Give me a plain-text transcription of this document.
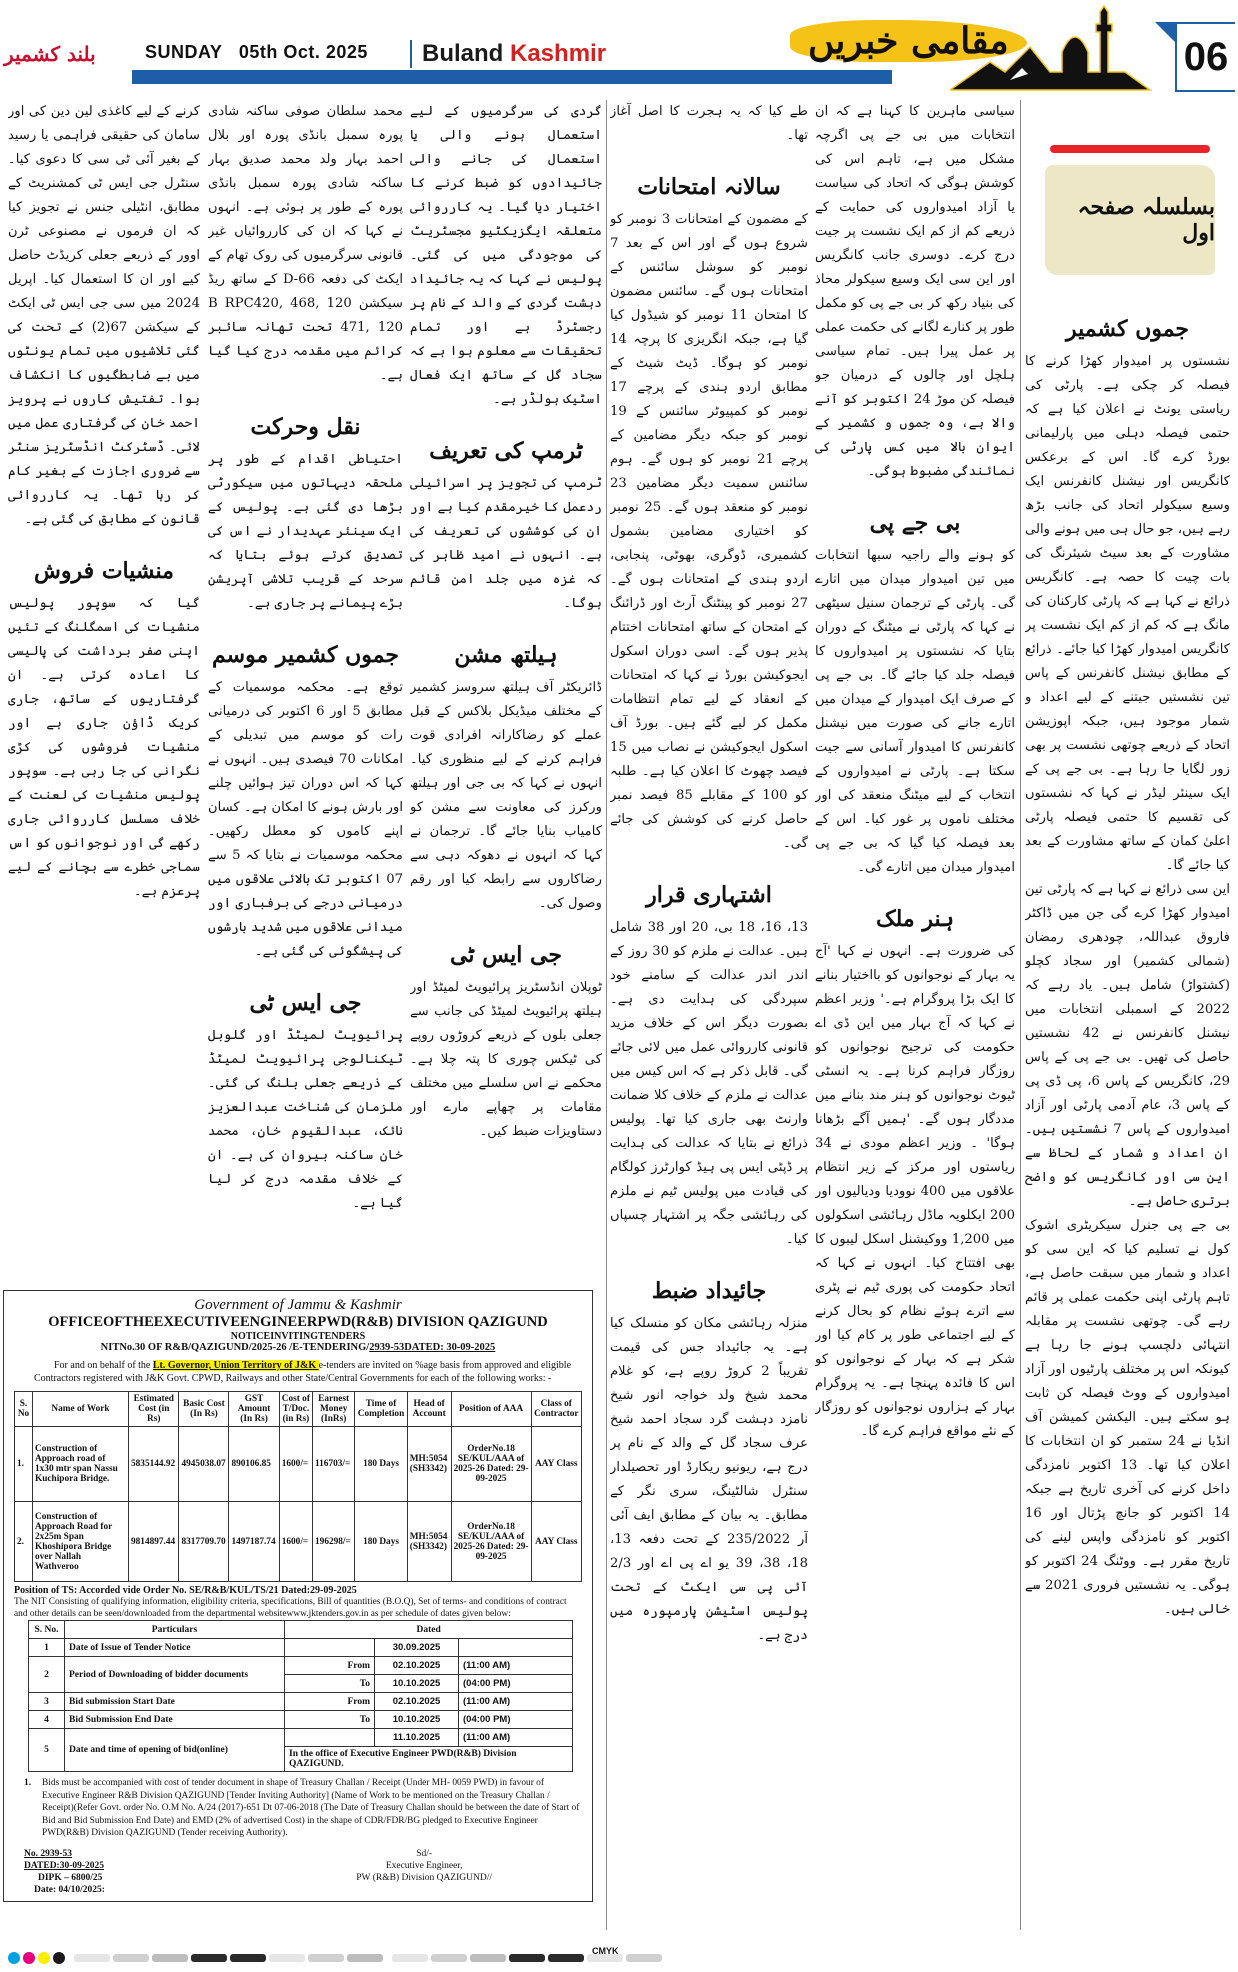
بلند کشمیر	SUNDAY 05th Oct. 2025	Buland Kashmir	مقامی خبریں	06
بسلسلہ صفحہ اول
جموں کشمیر

نشستوں پر امیدوار کھڑا کرنے کا فیصلہ کر چکی ہے۔ پارٹی کی ریاستی یونٹ نے اعلان کیا ہے کہ حتمی فیصلہ دہلی میں پارلیمانی بورڈ کرے گا۔ اس کے برعکس کانگریس اور نیشنل کانفرنس ایک وسیع سیکولر اتحاد کی جانب بڑھ رہے ہیں، جو حال ہی میں ہونے والی مشاورت کے بعد سیٹ شیئرنگ کی بات چیت کا حصہ ہے۔ کانگریس ذرائع نے کہا ہے کہ پارٹی کارکنان کی مانگ ہے کہ کم از کم ایک نشست پر کانگریس امیدوار کھڑا کیا جائے۔ ذرائع کے مطابق نیشنل کانفرنس کے پاس تین نشستیں جیتنے کے لیے اعداد و شمار موجود ہیں، جبکہ اپوزیشن اتحاد کے ذریعے چوتھی نشست پر بھی زور لگایا جا رہا ہے۔ بی جے پی کے ایک سینئر لیڈر نے کہا کہ نشستوں کی تقسیم کا حتمی فیصلہ پارٹی اعلیٰ کمان کے ساتھ مشاورت کے بعد کیا جائے گا۔

این سی ذرائع نے کہا ہے کہ پارٹی تین امیدوار کھڑا کرے گی جن میں ڈاکٹر فاروق عبداللہ، چودھری رمضان (شمالی کشمیر) اور سجاد کچلو (کشتواڑ) شامل ہیں۔ یاد رہے کہ 2022 کے اسمبلی انتخابات میں نیشنل کانفرنس نے 42 نشستیں حاصل کی تھیں۔ بی جے پی کے پاس 29، کانگریس کے پاس 6، پی ڈی پی کے پاس 3، عام آدمی پارٹی اور آزاد امیدواروں کے پاس 7 نشستیں ہیں۔ ان اعداد و شمار کے لحاظ سے این سی اور کانگریس کو واضح برتری حاصل ہے۔

بی جے پی جنرل سیکریٹری اشوک کول نے تسلیم کیا کہ این سی کو اعداد و شمار میں سبقت حاصل ہے، تاہم پارٹی اپنی حکمت عملی پر قائم رہے گی۔ چوتھی نشست پر مقابلہ انتہائی دلچسپ ہونے جا رہا ہے کیونکہ اس پر مختلف پارٹیوں اور آزاد امیدواروں کے ووٹ فیصلہ کن ثابت ہو سکتے ہیں۔ الیکشن کمیشن آف انڈیا نے 24 ستمبر کو ان انتخابات کا اعلان کیا تھا۔ 13 اکتوبر نامزدگی داخل کرنے کی آخری تاریخ ہے جبکہ 14 اکتوبر کو جانچ پڑتال اور 16 اکتوبر کو نامزدگی واپس لینے کی تاریخ مقرر ہے۔ ووٹنگ 24 اکتوبر کو ہوگی۔ یہ نشستیں فروری 2021 سے خالی ہیں۔

سیاسی ماہرین کا کہنا ہے کہ ان انتخابات میں بی جے پی اگرچہ مشکل میں ہے، تاہم اس کی کوشش ہوگی کہ اتحاد کی سیاست یا آزاد امیدواروں کی حمایت کے ذریعے کم از کم ایک نشست پر جیت درج کرے۔ دوسری جانب کانگریس اور این سی ایک وسیع سیکولر محاذ کی بنیاد رکھ کر بی جے پی کو مکمل طور پر کنارے لگانے کی حکمت عملی پر عمل پیرا ہیں۔ تمام سیاسی ہلچل اور چالوں کے درمیان جو فیصلہ کن موڑ 24 اکتوبر کو آنے والا ہے، وہ جموں و کشمیر کے ایوان بالا میں کس پارٹی کی نمائندگی مضبوط ہوگی۔

بی جے پی

کو ہونے والے راجیہ سبھا انتخابات میں تین امیدوار میدان میں اتارے گی۔ پارٹی کے ترجمان سنیل سیٹھی نے کہا کہ پارٹی نے میٹنگ کے دوران بتایا کہ نشستوں پر امیدواروں کا فیصلہ جلد کیا جائے گا۔ بی جے پی کے صرف ایک امیدوار کے میدان میں اتارے جانے کی صورت میں نیشنل کانفرنس کا امیدوار آسانی سے جیت سکتا ہے۔ پارٹی نے امیدواروں کے انتخاب کے لیے میٹنگ منعقد کی اور مختلف ناموں پر غور کیا۔ اس کے بعد فیصلہ کیا گیا کہ بی جے پی امیدوار میدان میں اتارے گی۔

ہنر ملک

کی ضرورت ہے۔ انہوں نے کہا 'آج یہ بہار کے نوجوانوں کو بااختیار بنانے کا ایک بڑا پروگرام ہے۔' وزیر اعظم نے کہا کہ آج بہار میں این ڈی اے حکومت کی ترجیح نوجوانوں کو روزگار فراہم کرنا ہے۔ یہ انسٹی ٹیوٹ نوجوانوں کو ہنر مند بنانے میں مددگار ہوں گے۔ 'ہمیں آگے بڑھانا ہوگا' ۔ وزیر اعظم مودی نے 34 ریاستوں اور مرکز کے زیر انتظام علاقوں میں 400 نوودیا ودیالیوں اور 200 ایکلویہ ماڈل رہائشی اسکولوں میں 1,200 ووکیشنل اسکل لیبوں کا بھی افتتاح کیا۔ انہوں نے کہا کہ اتحاد حکومت کی پوری ٹیم نے پٹری سے اترے ہوئے نظام کو بحال کرنے کے لیے اجتماعی طور پر کام کیا اور شکر ہے کہ بہار کے نوجوانوں کو اس کا فائدہ پہنچا ہے۔ یہ پروگرام بہار کے ہزاروں نوجوانوں کو روزگار کے نئے مواقع فراہم کرے گا۔

طے کیا کہ یہ ہجرت کا اصل آغاز تھا۔

سالانہ امتحانات

کے مضمون کے امتحانات 3 نومبر کو شروع ہوں گے اور اس کے بعد 7 نومبر کو سوشل سائنس کے امتحانات ہوں گے۔ سائنس مضمون کا امتحان 11 نومبر کو شیڈول کیا گیا ہے، جبکہ انگریزی کا پرچہ 14 نومبر کو ہوگا۔ ڈیٹ شیٹ کے مطابق اردو ہندی کے پرچے 17 نومبر کو کمپیوٹر سائنس کے 19 نومبر کو جبکہ دیگر مضامین کے پرچے 21 نومبر کو ہوں گے۔ ہوم سائنس سمیت دیگر مضامین 23 نومبر کو منعقد ہوں گے۔ 25 نومبر کو اختیاری مضامین بشمول کشمیری، ڈوگری، بھوٹی، پنجابی، اردو ہندی کے امتحانات ہوں گے۔ 27 نومبر کو پینٹنگ آرٹ اور ڈرائنگ کے امتحان کے ساتھ امتحانات اختتام پذیر ہوں گے۔ اسی دوران اسکول ایجوکیشن بورڈ نے کہا کہ امتحانات کے انعقاد کے لیے تمام انتظامات مکمل کر لیے گئے ہیں۔ بورڈ آف اسکول ایجوکیشن نے نصاب میں 15 فیصد چھوٹ کا اعلان کیا ہے۔ طلبہ کو 100 کے مقابلے 85 فیصد نمبر حاصل کرنے کی کوشش کی جائے گی۔

اشتہاری قرار

13، 16، 18 بی، 20 اور 38 شامل ہیں۔ عدالت نے ملزم کو 30 روز کے اندر اندر عدالت کے سامنے خود سپردگی کی ہدایت دی ہے۔ بصورت دیگر اس کے خلاف مزید قانونی کارروائی عمل میں لائی جائے گی۔ قابل ذکر ہے کہ اس کیس میں عدالت نے ملزم کے خلاف کلا ضمانت وارنٹ بھی جاری کیا تھا۔ پولیس ذرائع نے بتایا کہ عدالت کی ہدایت پر ڈپٹی ایس پی ہیڈ کوارٹرز کولگام کی قیادت میں پولیس ٹیم نے ملزم کی رہائشی جگہ پر اشتہار چسپاں کیا۔

جائیداد ضبط

منزلہ رہائشی مکان کو منسلک کیا ہے۔ یہ جائیداد جس کی قیمت تقریباً 2 کروڑ روپے ہے، کو غلام محمد شیخ ولد خواجہ انور شیخ نامزد دہشت گرد سجاد احمد شیخ عرف سجاد گل کے والد کے نام پر درج ہے، ریونیو ریکارڈ اور تحصیلدار سنٹرل شالٹینگ، سری نگر کے مطابق۔ یہ بیان کے مطابق ایف آئی آر 235/2022 کے تحت دفعہ 13، 18، 38، 39 یو اے پی اے اور 2/3 آئی پی سی ایکٹ کے تحت پولیس اسٹیشن پارمپورہ میں درج ہے۔

گردی کی سرگرمیوں کے لیے استعمال ہونے والی یا استعمال کی جانے والی جائیدادوں کو ضبط کرنے کا اختیار دیا گیا۔ یہ کارروائی متعلقہ ایگزیکٹیو مجسٹریٹ کی موجودگی میں کی گئی۔ پولیس نے کہا کہ یہ جائیداد دہشت گردی کے والد کے نام پر رجسٹرڈ ہے اور تمام تحقیقات سے معلوم ہوا ہے کہ سجاد گل کے ساتھ ایک فعال اسٹیک ہولڈر ہے۔

ٹرمپ کی تعریف

ٹرمپ کی تجویز پر اسرائیلی ردعمل کا خیرمقدم کیا ہے اور ان کی کوششوں کی تعریف کی ہے۔ انہوں نے امید ظاہر کی کہ غزہ میں جلد امن قائم ہوگا۔

ہیلتھ مشن

ڈائریکٹر آف ہیلتھ سروسز کشمیر کے مختلف میڈیکل بلاکس کے قبل عملے کو رضاکارانہ افرادی قوت فراہم کرنے کے لیے منظوری کیا۔ انہوں نے کہا کہ بی جی اور ہیلتھ ورکرز کی معاونت سے مشن کو کامیاب بنایا جائے گا۔ ترجمان نے کہا کہ انہوں نے دھوکہ دہی سے رضاکاروں سے رابطہ کیا اور رقم وصول کی۔

جی ایس ٹی

ٹوپلان انڈسٹریز پرائیویٹ لمیٹڈ اور ہیلتھ پرائیویٹ لمیٹڈ کی جانب سے جعلی بلوں کے ذریعے کروڑوں روپے کی ٹیکس چوری کا پتہ چلا ہے۔ محکمے نے اس سلسلے میں مختلف مقامات پر چھاپے مارے اور دستاویزات ضبط کیں۔

محمد سلطان صوفی ساکنہ شادی پورہ سمبل بانڈی پورہ اور بلال احمد بہار ولد محمد صدیق بہار ساکنہ شادی پورہ سمبل بانڈی پورہ کے طور پر ہوئی ہے۔ انہوں نے کہا کہ ان کی کارروائیاں غیر قانونی سرگرمیوں کی روک تھام کے ایکٹ کی دفعہ 66-D کے ساتھ ریڈ سیکشن 120 B RPC420, 468, 471, 120 تحت تھانہ سائبر کرائم میں مقدمہ درج کیا گیا ہے۔

نقل وحرکت

احتیاطی اقدام کے طور پر ملحقہ دیہاتوں میں سیکورٹی بڑھا دی گئی ہے۔ پولیس کے ایک سینئر عہدیدار نے اس کی تصدیق کرتے ہوئے بتایا کہ سرحد کے قریب تلاشی آپریشن بڑے پیمانے پر جاری ہے۔

جموں کشمیر موسم

توقع ہے۔ محکمہ موسمیات کے مطابق 5 اور 6 اکتوبر کی درمیانی رات کو موسم میں تبدیلی کے امکانات 70 فیصدی ہیں۔ انہوں نے کہا کہ اس دوران تیز ہوائیں چلنے اور بارش ہونے کا امکان ہے۔ کسان اپنے کاموں کو معطل رکھیں۔ محکمہ موسمیات نے بتایا کہ 5 سے 07 اکتوبر تک بالائی علاقوں میں درمیانی درجے کی برفباری اور میدانی علاقوں میں شدید بارشوں کی پیشگوئی کی گئی ہے۔

جی ایس ٹی

پرائیویٹ لمیٹڈ اور گلوبل ٹیکنالوجی پرائیویٹ لمیٹڈ کے ذریعے جعلی بلنگ کی گئی۔ ملزمان کی شناخت عبدالعزیز نائک، عبدالقیوم خان، محمد خان ساکنہ بیروان کی ہے۔ ان کے خلاف مقدمہ درج کر لیا گیا ہے۔

کرنے کے لیے کاغذی لین دین کی اور سامان کی حقیقی فراہمی یا رسید کے بغیر آئی ٹی سی کا دعوی کیا۔ سنٹرل جی ایس ٹی کمشنریٹ کے مطابق، انٹیلی جنس نے تجویز کیا کہ ان فرموں نے مصنوعی ٹرن اوور کے ذریعے جعلی کریڈٹ حاصل کیے اور ان کا استعمال کیا۔ اپریل 2024 میں سی جی ایس ٹی ایکٹ کے سیکشن 67(2) کے تحت کی گئی تلاشیوں میں تمام یونٹوں میں بے ضابطگیوں کا انکشاف ہوا۔ تفتیش کاروں نے پرویز احمد خان کی گرفتاری عمل میں لائی۔ ڈسٹرکٹ انڈسٹریز سنٹر سے ضروری اجازت کے بغیر کام کر رہا تھا۔ یہ کارروائی قانون کے مطابق کی گئی ہے۔

منشیات فروش

گیا کہ سوپور پولیس منشیات کی اسمگلنگ کے تئیں اپنی صفر برداشت کی پالیسی کا اعادہ کرتی ہے۔ ان گرفتاریوں کے ساتھ، جاری کریک ڈاؤن جاری ہے اور منشیات فروشوں کی کڑی نگرانی کی جا رہی ہے۔ سوپور پولیس منشیات کی لعنت کے خلاف مسلسل کارروائی جاری رکھے گی اور نوجوانوں کو اس سماجی خطرے سے بچانے کے لیے پرعزم ہے۔

Government of Jammu & Kashmir
OFFICEOFTHEEXECUTIVEENGINEERPWD(R&B) DIVISION QAZIGUND
NOTICEINVITINGTENDERS
NITNo.30 OF R&B/QAZIGUND/2025-26 /E-TENDERING/2939-53DATED: 30-09-2025
For and on behalf of the Lt. Governor, Union Territory of J&K e-tenders are invited on %age basis from approved and eligible Contractors registered with J&K Govt. CPWD, Railways and other State/Central Governments for each of the following works: -
S. No	Name of Work	Estimated Cost (in Rs)	Basic Cost (In Rs)	GST Amount (In Rs)	Cost of T/Doc. (in Rs)	Earnest Money (InRs)	Time of Completion	Head of Account	Position of AAA	Class of Contractor
1.	Construction of Approach road of 1x30 mtr span Nassu Kuchipora Bridge.	5835144.92	4945038.07	890106.85	1600/=	116703/=	180 Days	MH:5054 (SH3342)	OrderNo.18 SE/KUL/AAA of 2025-26 Dated: 29-09-2025	AAY Class
2.	Construction of Approach Road for 2x25m Span Khoshipora Bridge over Nallah Wathveroo	9814897.44	8317709.70	1497187.74	1600/=	196298/=	180 Days	MH:5054 (SH3342)	OrderNo.18 SE/KUL/AAA of 2025-26 Dated: 29-09-2025	AAY Class
Position of TS: Accorded vide Order No. SE/R&B/KUL/TS/21 Dated:29-09-2025
The NIT Consisting of qualifying information, eligibility criteria, specifications, Bill of quantities (B.O.Q), Set of terms- and conditions of contract and other details can be seen/downloaded from the departmental websitewww.jktenders.gov.in as per schedule of dates given below:
S. No.	Particulars	Dated		
1	Date of Issue of Tender Notice		30.09.2025	
2	Period of Downloading of bidder documents	From	02.10.2025	(11:00 AM)
		To	10.10.2025	(04:00 PM)
3	Bid submission Start Date	From	02.10.2025	(11:00 AM)
4	Bid Submission End Date	To	10.10.2025	(04:00 PM)
5	Date and time of opening of bid(online)		11.10.2025	(11:00 AM)
		In the office of Executive Engineer PWD(R&B) Division QAZIGUND.		
1.	Bids must be accompanied with cost of tender document in shape of Treasury Challan / Receipt (Under MH- 0059 PWD) in favour of Executive Engineer R&B Division QAZIGUND [Tender Inviting Authority] (Name of Work to be mentioned on the Treasury Challan / Receipt)(Refer Govt. order No. O.M No. A/24 (2017)-651 Dt 07-06-2018 (The Date of Treasury Challan should be between the date of Start of Bid and Bid Submission End Date) and EMD (2% of advertised Cost) in the shape of CDR/FDR/BG pledged to Executive Engineer PWD(R&B) Division QAZIGUND (Tender receiving Authority).
No. 2939-53
DATED:30-09-2025
DIPK – 6800/25
Date: 04/10/2025:
Sd/-
Executive Engineer,
PW (R&B) Division QAZIGUND//
CMYK
